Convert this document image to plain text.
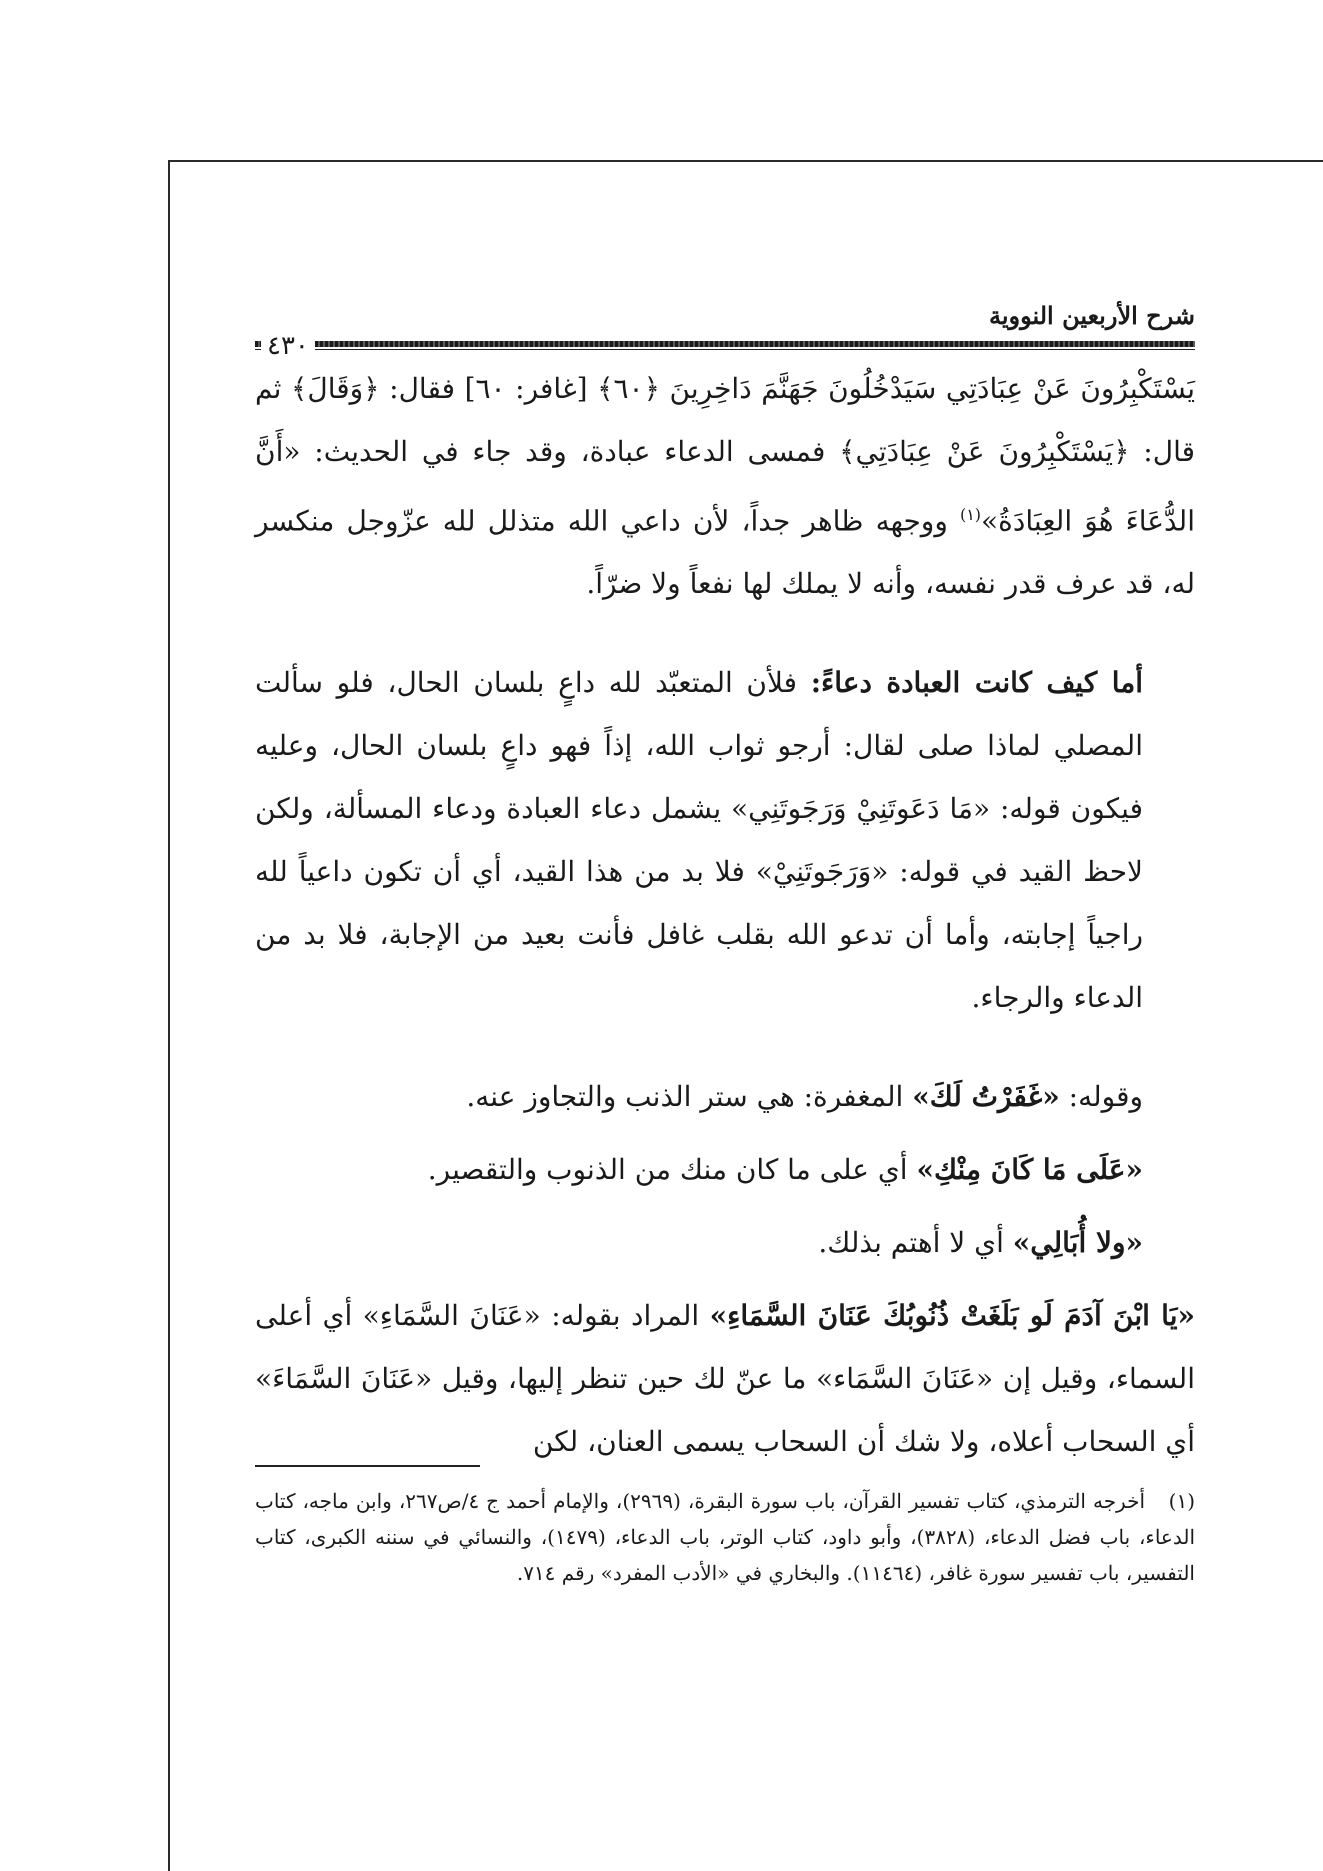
شرح الأربعين النووية
٤٣٠

يَسْتَكْبِرُونَ عَنْ عِبَادَتِي سَيَدْخُلُونَ جَهَنَّمَ دَاخِرِينَ ﴿٦٠﴾ [غافر: ٦٠] فقال: ﴿وَقَالَ﴾ ثم قال: ﴿يَسْتَكْبِرُونَ عَنْ عِبَادَتِي﴾ فمسى الدعاء عبادة، وقد جاء في الحديث: «أَنَّ الدُّعَاءَ هُوَ العِبَادَةُ»$^{(١)}$ ووجهه ظاهر جداً، لأن داعي الله متذلل لله عزّوجل منكسر له، قد عرف قدر نفسه، وأنه لا يملك لها نفعاً ولا ضرّاً.

أما كيف كانت العبادة دعاءً: فلأن المتعبّد لله داعٍ بلسان الحال، فلو سألت المصلي لماذا صلى لقال: أرجو ثواب الله، إذاً فهو داعٍ بلسان الحال، وعليه فيكون قوله: «مَا دَعَوتَنِيْ وَرَجَوتَنِي» يشمل دعاء العبادة ودعاء المسألة، ولكن لاحظ القيد في قوله: «وَرَجَوتَنِيْ» فلا بد من هذا القيد، أي أن تكون داعياً لله راجياً إجابته، وأما أن تدعو الله بقلب غافل فأنت بعيد من الإجابة، فلا بد من الدعاء والرجاء.

وقوله: «غَفَرْتُ لَكَ» المغفرة: هي ستر الذنب والتجاوز عنه.

«عَلَى مَا كَانَ مِنْكِ» أي على ما كان منك من الذنوب والتقصير.

«ولا أُبَالِي» أي لا أهتم بذلك.

«يَا ابْنَ آدَمَ لَو بَلَغَتْ ذُنُوبُكَ عَنَانَ السَّمَاءِ» المراد بقوله: «عَنَانَ السَّمَاءِ» أي أعلى السماء، وقيل إن «عَنَانَ السَّمَاء» ما عنّ لك حين تنظر إليها، وقيل «عَنَانَ السَّمَاءَ» أي السحاب أعلاه، ولا شك أن السحاب يسمى العنان، لكن

(١)أخرجه الترمذي، كتاب تفسير القرآن، باب سورة البقرة، (٢٩٦٩)، والإمام أحمد ج ٤/ص٢٦٧، وابن ماجه، كتاب الدعاء، باب فضل الدعاء، (٣٨٢٨)، وأبو داود، كتاب الوتر، باب الدعاء، (١٤٧٩)، والنسائي في سننه الكبرى، كتاب التفسير، باب تفسير سورة غافر، (١١٤٦٤). والبخاري في «الأدب المفرد» رقم ٧١٤.
